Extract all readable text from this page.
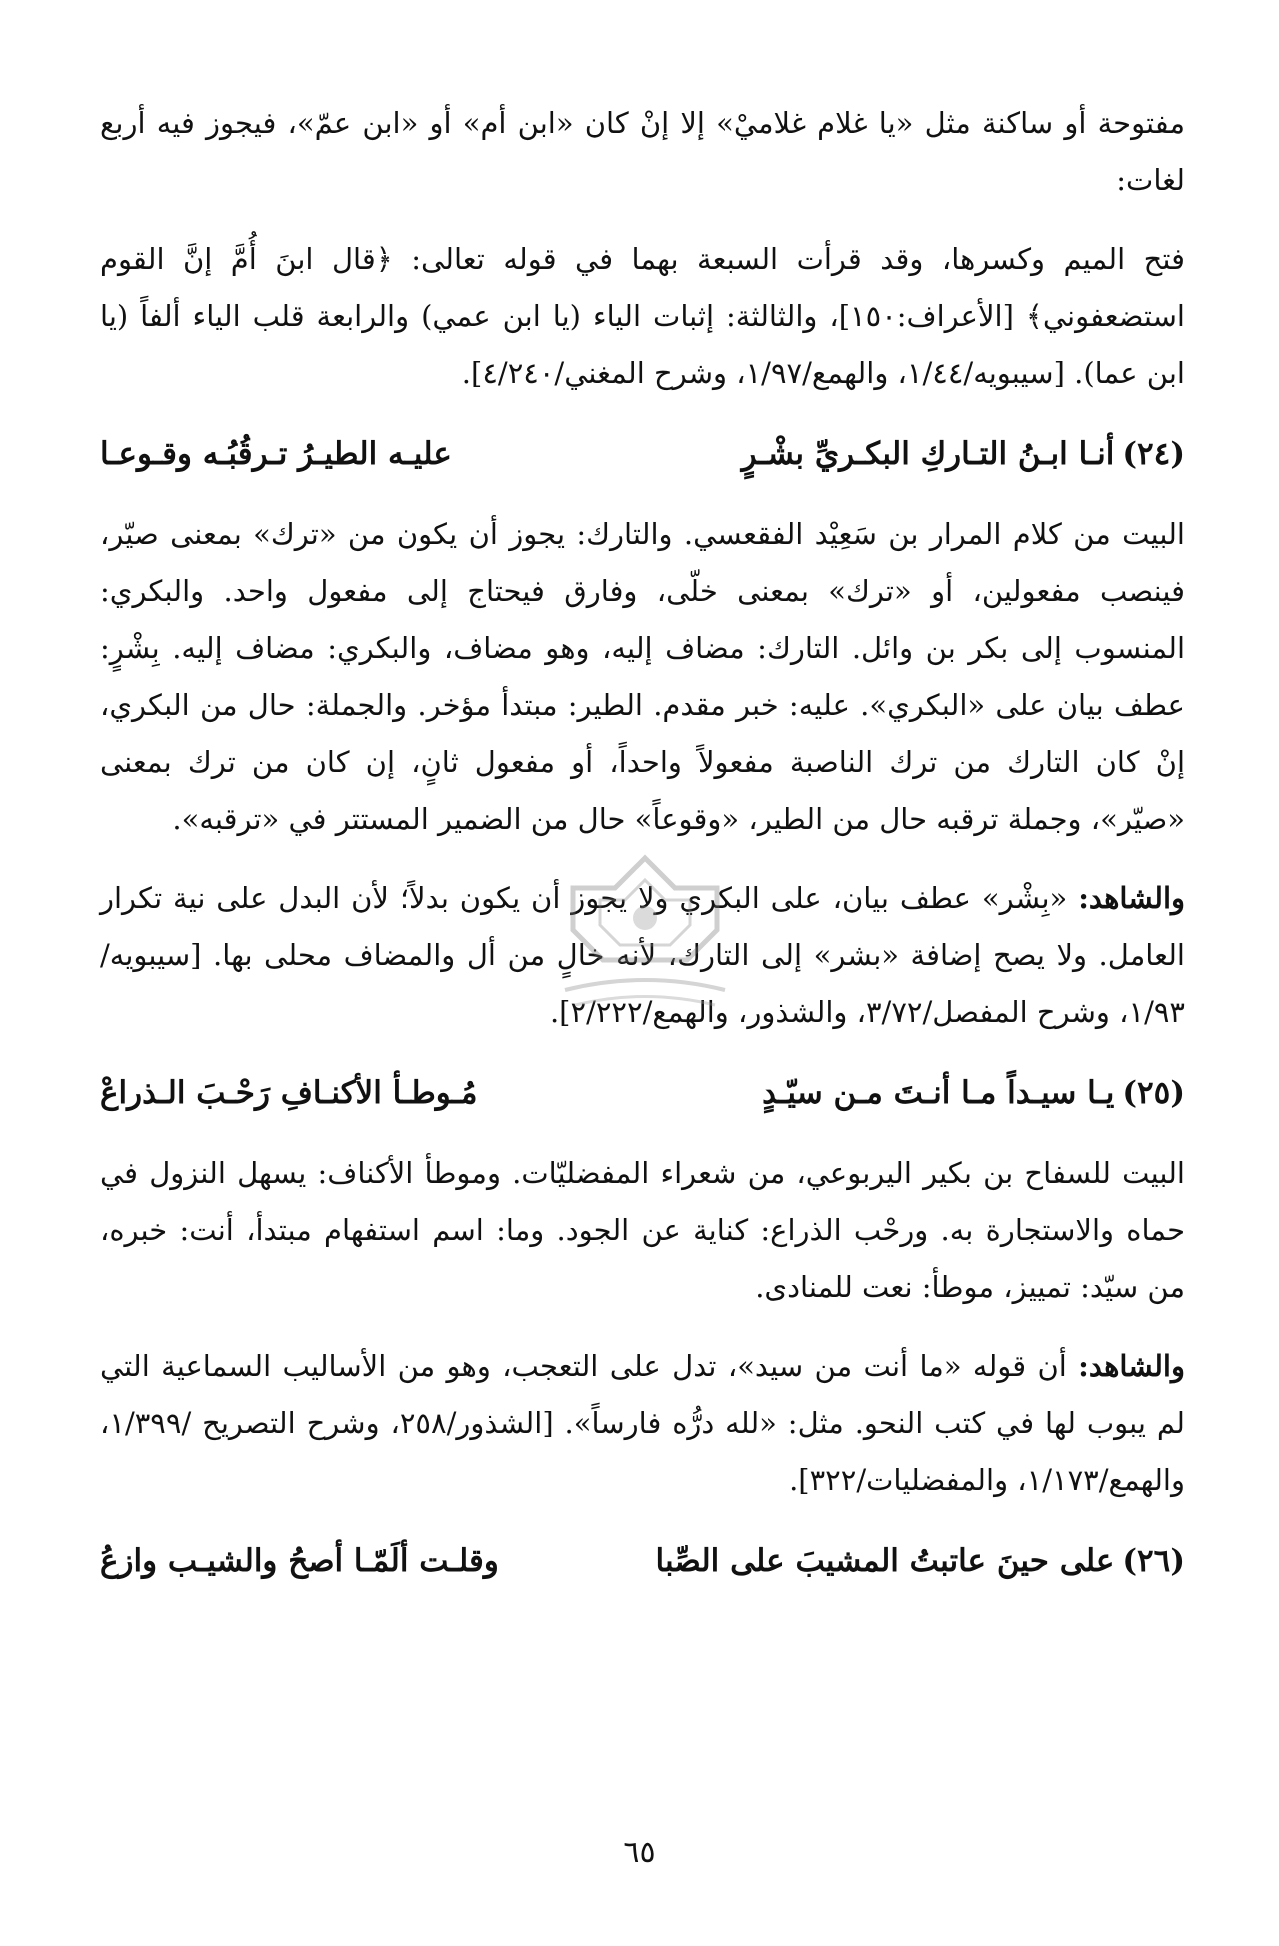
مفتوحة أو ساكنة مثل «يا غلام غلاميْ» إلا إنْ كان «ابن أم» أو «ابن عمّ»، فيجوز فيه أربع لغات:

فتح الميم وكسرها، وقد قرأت السبعة بهما في قوله تعالى: ﴿قال ابنَ أُمَّ إنَّ القوم استضعفوني﴾ [الأعراف:١٥٠]، والثالثة: إثبات الياء (يا ابن عمي) والرابعة قلب الياء ألفاً (يا ابن عما). [سيبويه/١/٤٤، والهمع/١/٩٧، وشرح المغني/٤/٢٤٠].

(٢٤)أنـا ابـنُ التـاركِ البكـريِّ بشْـرٍ
عليـه الطيـرُ تـرقُبُـه وقـوعـا

البيت من كلام المرار بن سَعِيْد الفقعسي. والتارك: يجوز أن يكون من «ترك» بمعنى صيّر، فينصب مفعولين، أو «ترك» بمعنى خلّى، وفارق فيحتاج إلى مفعول واحد. والبكري: المنسوب إلى بكر بن وائل. التارك: مضاف إليه، وهو مضاف، والبكري: مضاف إليه. بِشْرٍ: عطف بيان على «البكري». عليه: خبر مقدم. الطير: مبتدأ مؤخر. والجملة: حال من البكري، إنْ كان التارك من ترك الناصبة مفعولاً واحداً، أو مفعول ثانٍ، إن كان من ترك بمعنى «صيّر»، وجملة ترقبه حال من الطير، «وقوعاً» حال من الضمير المستتر في «ترقبه».

والشاهد: «بِشْر» عطف بيان، على البكري ولا يجوز أن يكون بدلاً؛ لأن البدل على نية تكرار العامل. ولا يصح إضافة «بشر» إلى التارك، لأنه خالٍ من أل والمضاف محلى بها. [سيبويه/١/٩٣، وشرح المفصل/٣/٧٢، والشذور، والهمع/٢/٢٢٢].

(٢٥)يـا سيـداً مـا أنـتَ مـن سيّـدٍ
مُـوطـأ الأكنـافِ رَحْـبَ الـذراعْ

البيت للسفاح بن بكير اليربوعي، من شعراء المفضليّات. وموطأ الأكناف: يسهل النزول في حماه والاستجارة به. ورحْب الذراع: كناية عن الجود. وما: اسم استفهام مبتدأ، أنت: خبره، من سيّد: تمييز، موطأ: نعت للمنادى.

والشاهد: أن قوله «ما أنت من سيد»، تدل على التعجب، وهو من الأساليب السماعية التي لم يبوب لها في كتب النحو. مثل: «لله درُّه فارساً». [الشذور/٢٥٨، وشرح التصريح /١/٣٩٩، والهمع/١/١٧٣، والمفضليات/٣٢٢].

(٢٦)على حينَ عاتبتُ المشيبَ على الصِّبا
وقلـت ألَمّـا أصحُ والشيـب وازعُ
٦٥
